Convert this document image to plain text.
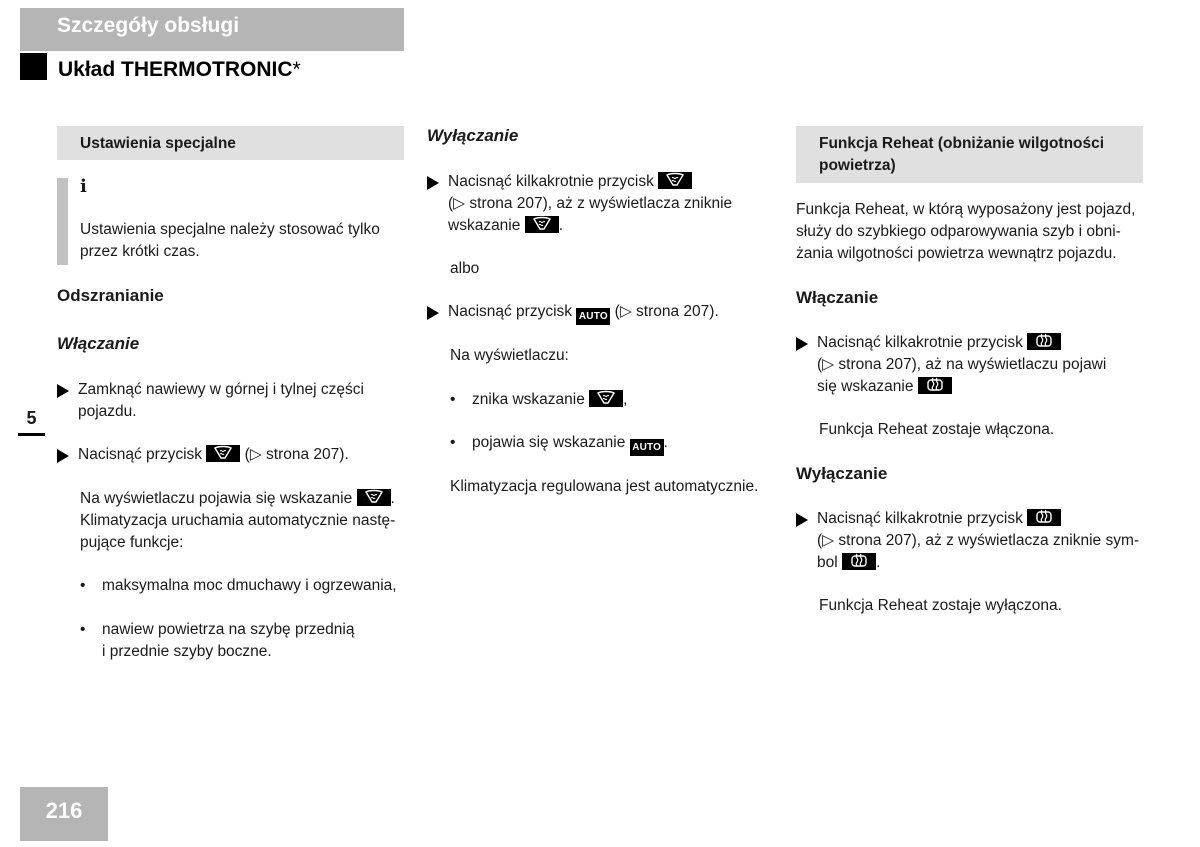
Szczegóły obsługi
Układ THERMOTRONIC*
5
Ustawienia specjalne
i
Ustawienia specjalne należy stosować tylko
przez krótki czas.
Odszranianie
Włączanie
Zamknąć nawiewy w górnej i tylnej części
pojazdu.
Nacisnąć przycisk	(▷ strona 207).
Na wyświetlaczu pojawia się wskazanie .
Klimatyzacja uruchamia automatycznie nastę-
pujące funkcje:
•	maksymalna moc dmuchawy i ogrzewania,
•	nawiew powietrza na szybę przednią
i przednie szyby boczne.
Wyłączanie
Nacisnąć kilkakrotnie przycisk
(▷ strona 207), aż z wyświetlacza zniknie
wskazanie .
albo
Nacisnąć przycisk AUTO (▷ strona 207).
Na wyświetlaczu:
•	znika wskazanie ,
•	pojawia się wskazanie AUTO .
Klimatyzacja regulowana jest automatycznie.
Funkcja Reheat (obniżanie wilgotności
powietrza)
Funkcja Reheat, w którą wyposażony jest pojazd,
służy do szybkiego odparowywania szyb i obni-
żania wilgotności powietrza wewnątrz pojazdu.
Włączanie
Nacisnąć kilkakrotnie przycisk
(▷ strona 207), aż na wyświetlaczu pojawi
się wskazanie
Funkcja Reheat zostaje włączona.
Wyłączanie
Nacisnąć kilkakrotnie przycisk
(▷ strona 207), aż z wyświetlacza zniknie sym-
bol .
Funkcja Reheat zostaje wyłączona.
216
